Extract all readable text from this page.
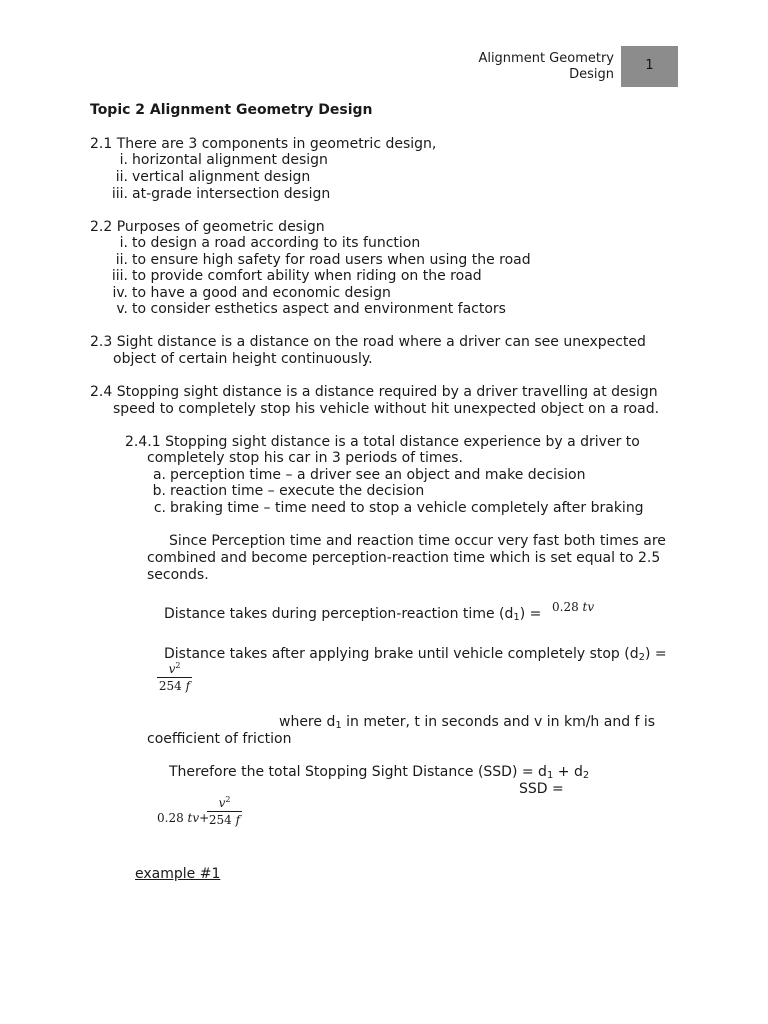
Alignment Geometry
Design
1
Topic 2 Alignment Geometry Design
2.1 There are 3 components in geometric design,
i. horizontal alignment design
ii. vertical alignment design
iii. at-grade intersection design
2.2 Purposes of geometric design
i. to design a road according to its function
ii. to ensure high safety for road users when using the road
iii. to provide comfort ability when riding on the road
iv. to have a good and economic design
v. to consider esthetics aspect and environment factors
2.3 Sight distance is a distance on the road where a driver can see unexpected
object of certain height continuously.
2.4 Stopping sight distance is a distance required by a driver travelling at design
speed to completely stop his vehicle without hit unexpected object on a road.
2.4.1 Stopping sight distance is a total distance experience by a driver to
completely stop his car in 3 periods of times.
a. perception time – a driver see an object and make decision
b. reaction time – execute the decision
c. braking time – time need to stop a vehicle completely after braking
Since Perception time and reaction time occur very fast both times are
combined and become perception-reaction time which is set equal to 2.5
seconds.
Distance takes during perception-reaction time $(d_1) = 0.28$ tv
Distance takes after applying brake until vehicle completely stop $(d_2)$ =
$v^2$
254 f
where $d_1$ in meter, t in seconds and v in km/h and f is
coefficient of friction
Therefore the total Stopping Sight Distance $(SSD) = d_1 + d_2$
SSD =
0.28 tv+
$v^2$
254 f
example #1
